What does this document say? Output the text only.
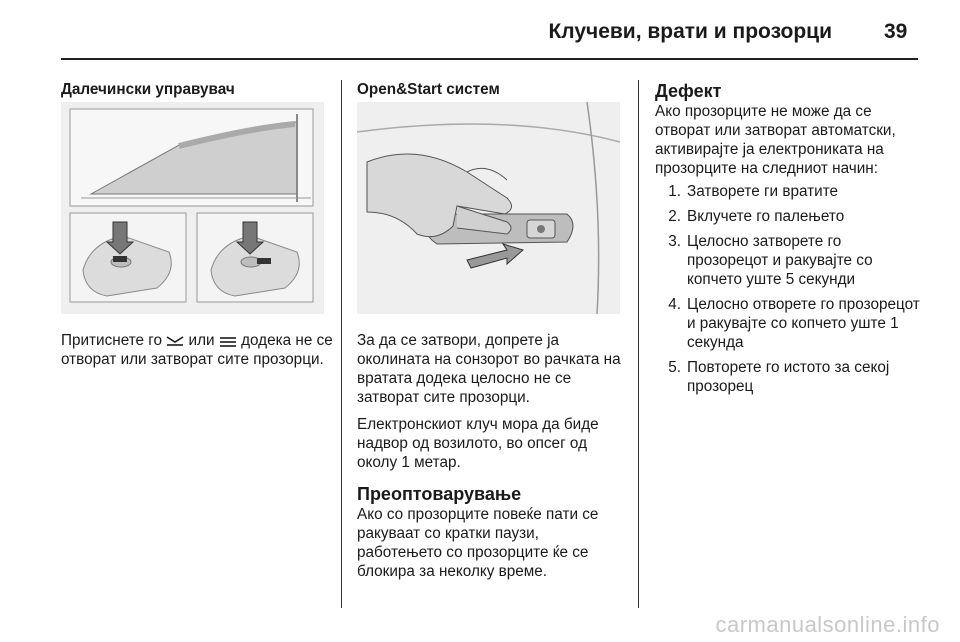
Клучеви, врати и прозорци 39

Далечински управувач

Притиснете го или додека не се отворат или затворат сите прозорци.

Open&Start систем

За да се затвори, допрете ја околината на сонзорот во рачката на вратата додека целосно не се затворат сите прозорци.

Електронскиот клуч мора да биде надвор од возилото, во опсег од околу 1 метар.

Преоптоварување

Ако со прозорците повеќе пати се ракуваат со кратки паузи, работењето со прозорците ќе се блокира за неколку време.

Дефект

Ако прозорците не може да се отворат или затворат автоматски, активирајте ја електрониката на прозорците на следниот начин:

1. Затворете ги вратите
2. Вклучете го палењето
3. Целосно затворете го прозорецот и ракувајте со копчето уште 5 секунди
4. Целосно отворете го прозорецот и ракувајте со копчето уште 1 секунда
5. Повторете го истото за секој прозорец
carmanualsonline.info
